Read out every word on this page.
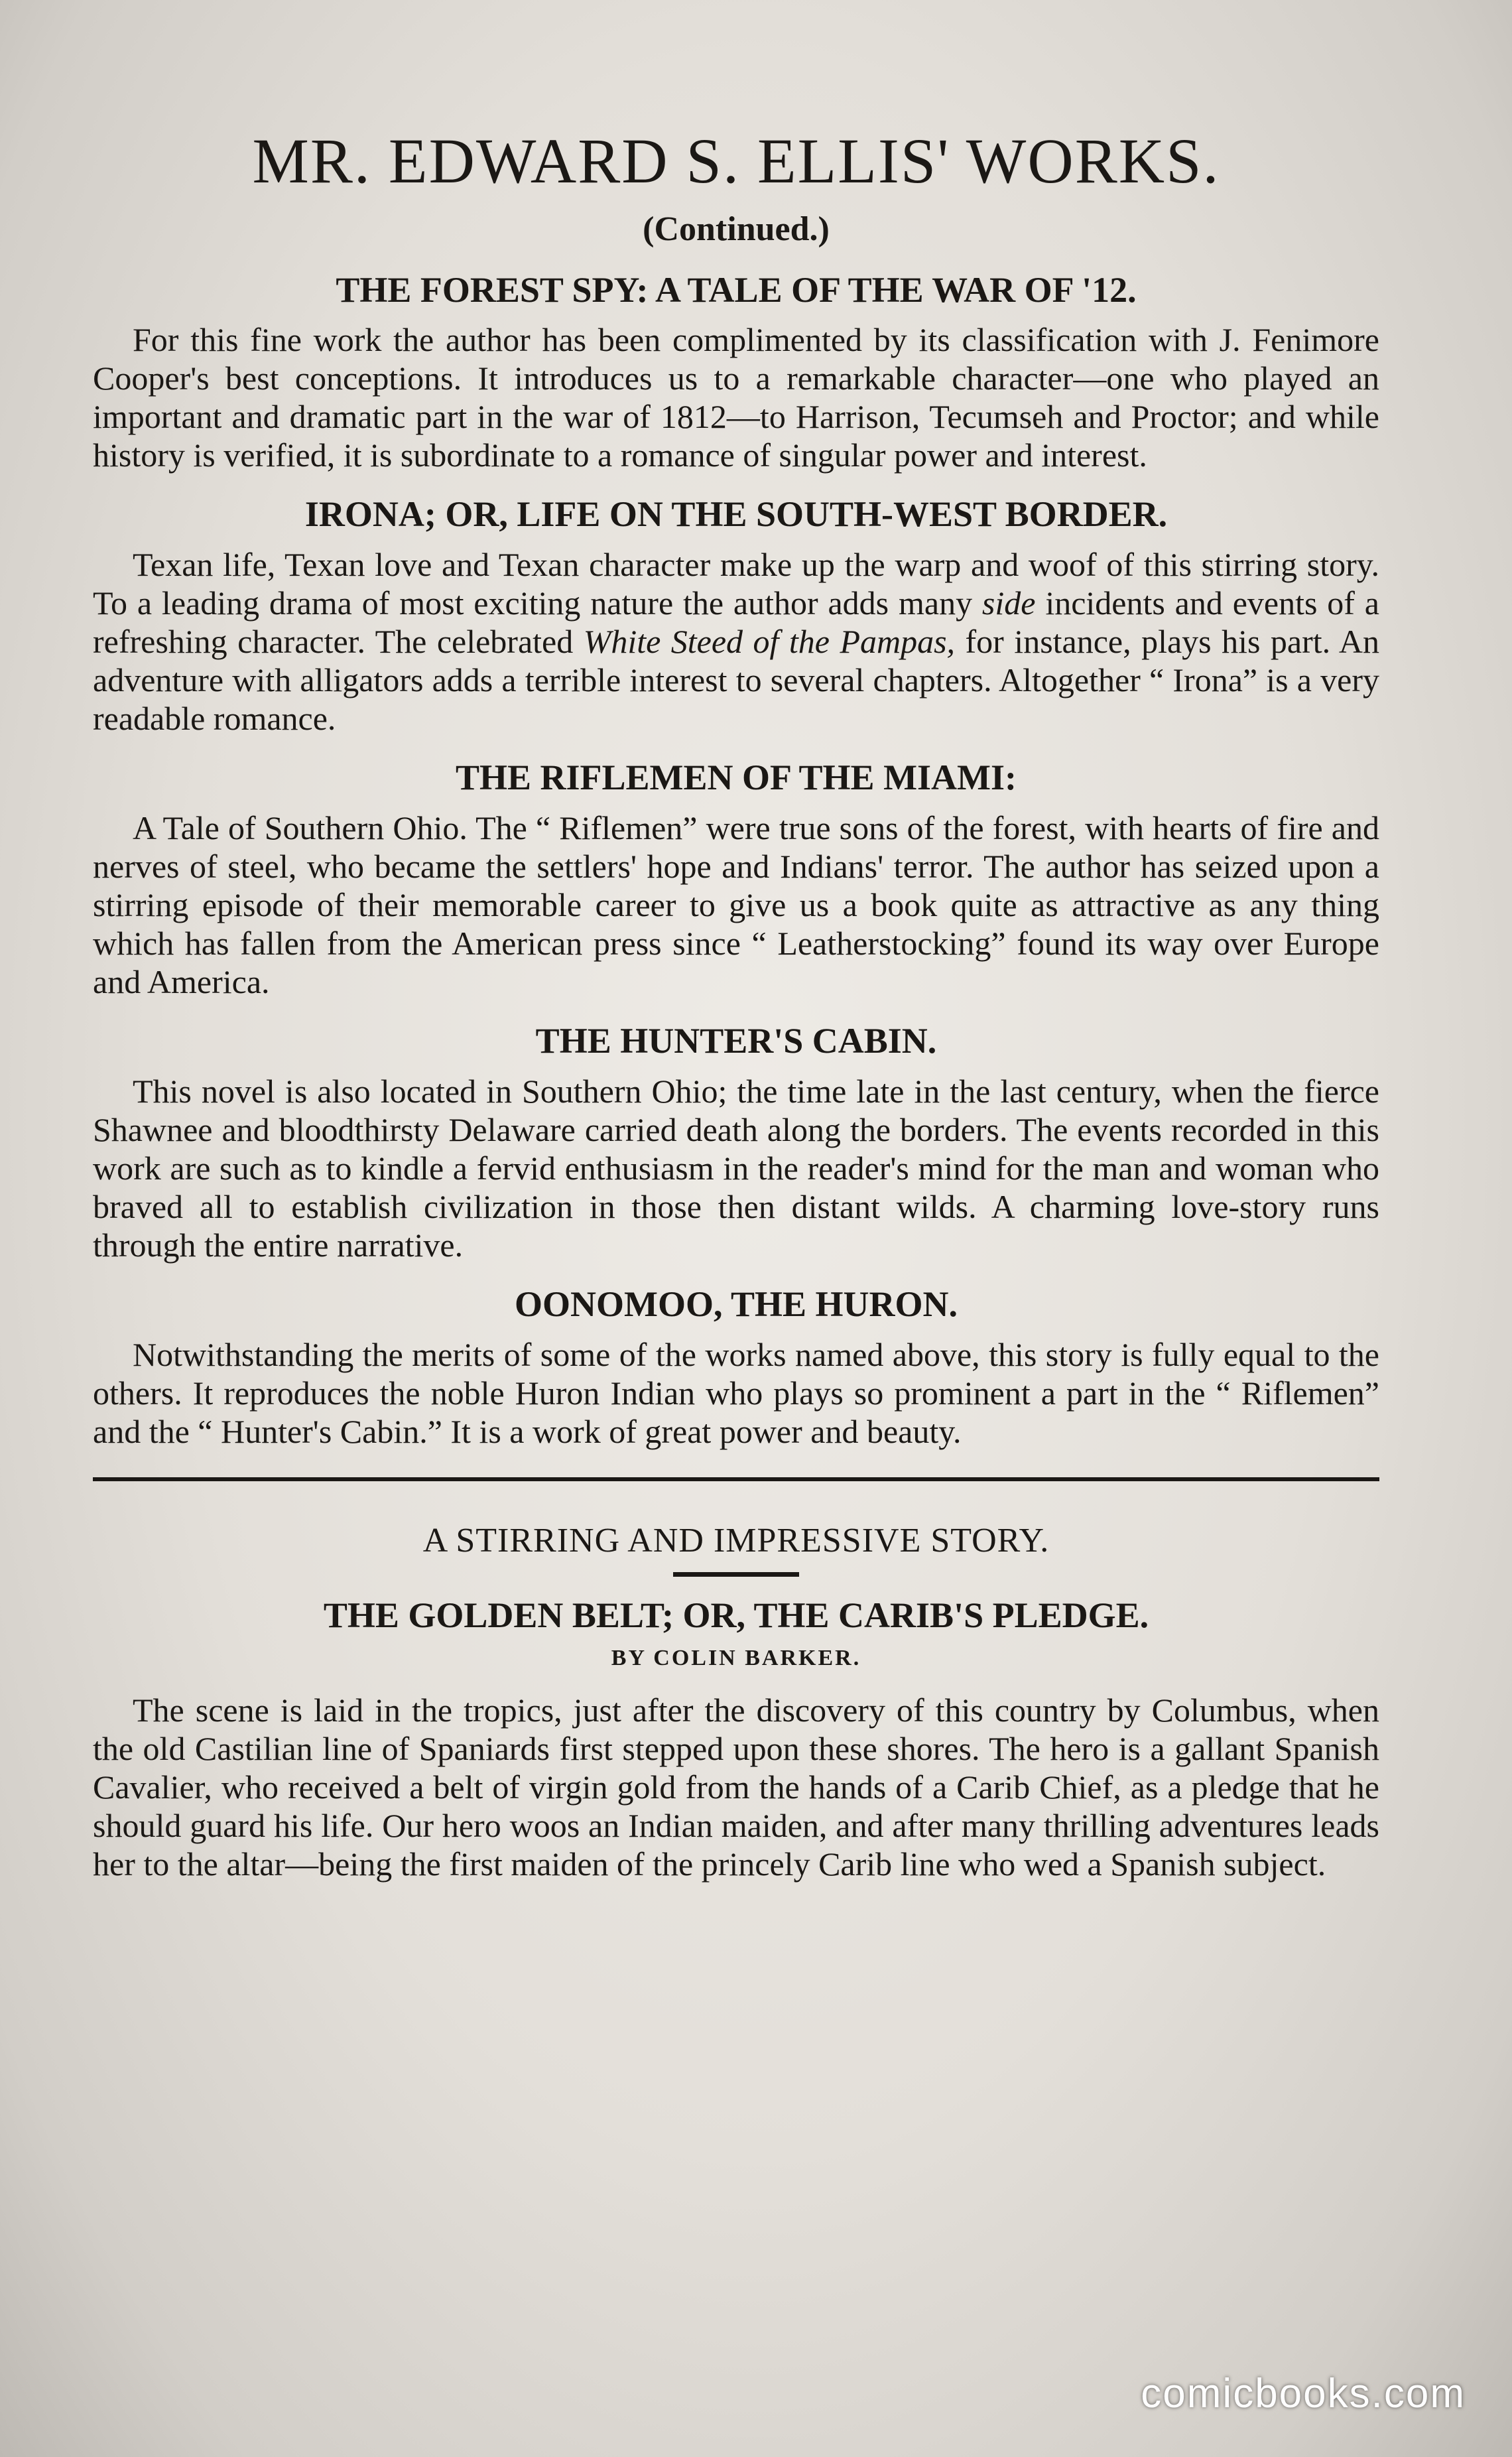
MR. EDWARD S. ELLIS' WORKS.
(Continued.)
THE FOREST SPY: A TALE OF THE WAR OF '12.

For this fine work the author has been complimented by its classification with J. Fenimore Cooper's best conceptions. It introduces us to a remarkable character—one who played an important and dramatic part in the war of 1812—to Harrison, Tecumseh and Proctor; and while history is verified, it is subordinate to a romance of singular power and interest.

IRONA; OR, LIFE ON THE SOUTH-WEST BORDER.

Texan life, Texan love and Texan character make up the warp and woof of this stirring story. To a leading drama of most exciting nature the author adds many side incidents and events of a refreshing character. The celebrated White Steed of the Pampas, for instance, plays his part. An adventure with alligators adds a terrible interest to several chapters. Altogether “ Irona” is a very readable romance.

THE RIFLEMEN OF THE MIAMI:

A Tale of Southern Ohio. The “ Riflemen” were true sons of the forest, with hearts of fire and nerves of steel, who became the settlers' hope and Indians' terror. The author has seized upon a stirring episode of their memorable career to give us a book quite as attractive as any thing which has fallen from the American press since “ Leatherstocking” found its way over Europe and America.

THE HUNTER'S CABIN.

This novel is also located in Southern Ohio; the time late in the last century, when the fierce Shawnee and bloodthirsty Delaware carried death along the borders. The events recorded in this work are such as to kindle a fervid enthusiasm in the reader's mind for the man and woman who braved all to establish civilization in those then distant wilds. A charming love-story runs through the entire narrative.

OONOMOO, THE HURON.

Notwithstanding the merits of some of the works named above, this story is fully equal to the others. It reproduces the noble Huron Indian who plays so prominent a part in the “ Riflemen” and the “ Hunter's Cabin.” It is a work of great power and beauty.

A STIRRING AND IMPRESSIVE STORY.
THE GOLDEN BELT; OR, THE CARIB'S PLEDGE.
BY COLIN BARKER.

The scene is laid in the tropics, just after the discovery of this country by Columbus, when the old Castilian line of Spaniards first stepped upon these shores. The hero is a gallant Spanish Cavalier, who received a belt of virgin gold from the hands of a Carib Chief, as a pledge that he should guard his life. Our hero woos an Indian maiden, and after many thrilling adventures leads her to the altar—being the first maiden of the princely Carib line who wed a Spanish subject.

comicbooks.com
